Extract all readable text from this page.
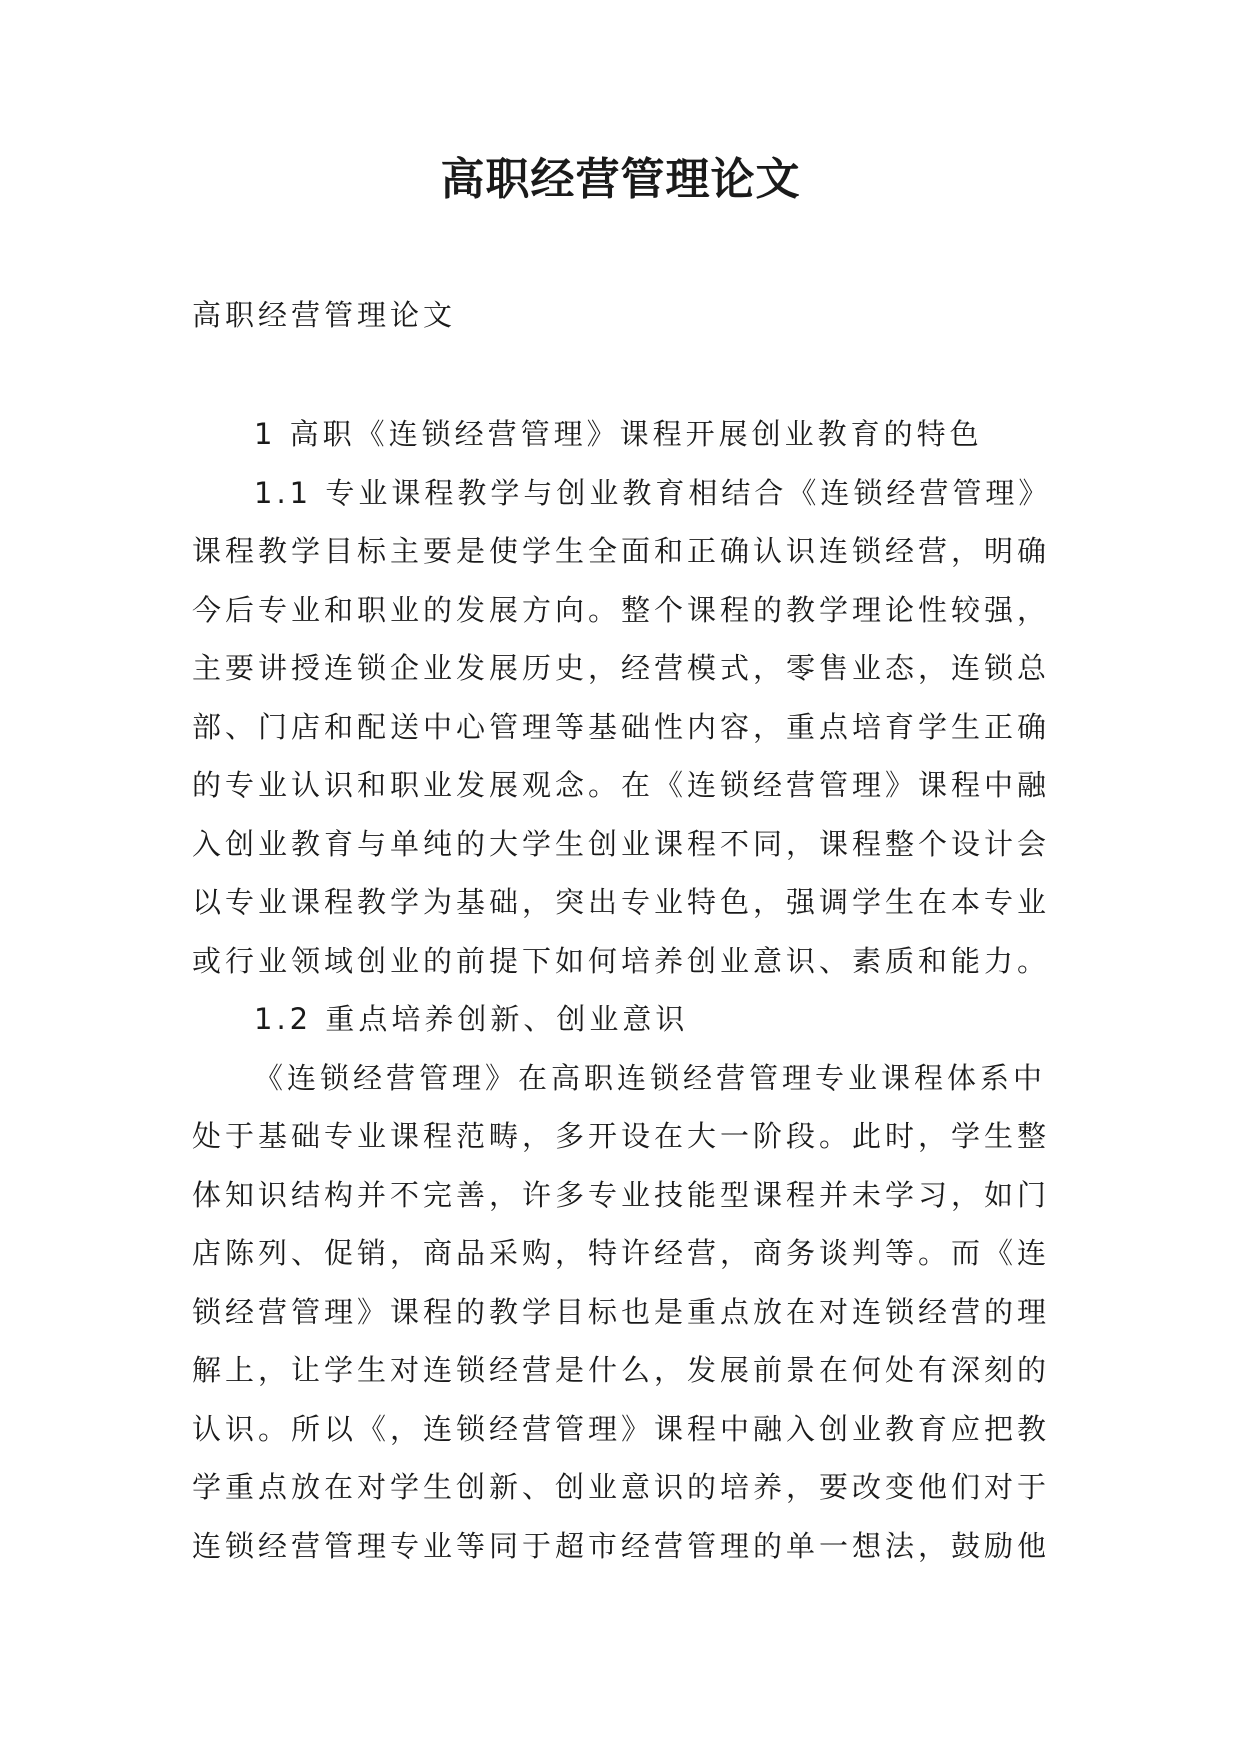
高职经营管理论文

高职经营管理论文

1 高职《连锁经营管理》课程开展创业教育的特色
1.1 专业课程教学与创业教育相结合《连锁经营管理》
课程教学目标主要是使学生全面和正确认识连锁经营，明确
今后专业和职业的发展方向。整个课程的教学理论性较强，
主要讲授连锁企业发展历史，经营模式，零售业态，连锁总
部、门店和配送中心管理等基础性内容，重点培育学生正确
的专业认识和职业发展观念。在《连锁经营管理》课程中融
入创业教育与单纯的大学生创业课程不同，课程整个设计会
以专业课程教学为基础，突出专业特色，强调学生在本专业
或行业领域创业的前提下如何培养创业意识、素质和能力。
1.2 重点培养创新、创业意识
《连锁经营管理》在高职连锁经营管理专业课程体系中
处于基础专业课程范畴，多开设在大一阶段。此时，学生整
体知识结构并不完善，许多专业技能型课程并未学习，如门
店陈列、促销，商品采购，特许经营，商务谈判等。而《连
锁经营管理》课程的教学目标也是重点放在对连锁经营的理
解上，让学生对连锁经营是什么，发展前景在何处有深刻的
认识。所以《，连锁经营管理》课程中融入创业教育应把教
学重点放在对学生创新、创业意识的培养，要改变他们对于
连锁经营管理专业等同于超市经营管理的单一想法，鼓励他
